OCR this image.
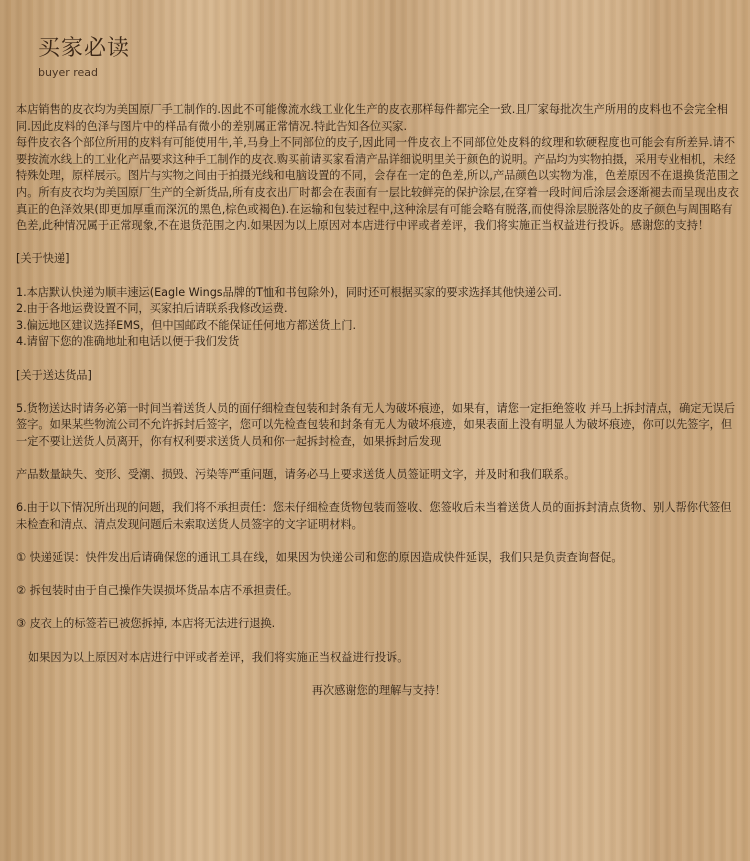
买家必读
buyer read

本店销售的皮衣均为美国原厂手工制作的.因此不可能像流水线工业化生产的皮衣那样每件都完全一致.且厂家每批次生产所用的皮料也不会完全相同.因此皮料的色泽与图片中的样品有微小的差别属正常情况.特此告知各位买家.

每件皮衣各个部位所用的皮料有可能使用牛,羊,马身上不同部位的皮子,因此同一件皮衣上不同部位处皮料的纹理和软硬程度也可能会有所差异.请不要按流水线上的工业化产品要求这种手工制作的皮衣.购买前请买家看清产品详细说明里关于颜色的说明。产品均为实物拍摄，采用专业相机，未经特殊处理，原样展示。图片与实物之间由于拍摄光线和电脑设置的不同，会存在一定的色差,所以,产品颜色以实物为准，色差原因不在退换货范围之内。所有皮衣均为美国原厂生产的全新货品,所有皮衣出厂时都会在表面有一层比较鲜亮的保护涂层,在穿着一段时间后涂层会逐渐褪去而呈现出皮衣真正的色泽效果(即更加厚重而深沉的黑色,棕色或褐色).在运输和包装过程中,这种涂层有可能会略有脱落,而使得涂层脱落处的皮子颜色与周围略有色差,此种情况属于正常现象,不在退货范围之内.如果因为以上原因对本店进行中评或者差评，我们将实施正当权益进行投诉。感谢您的支持！

[关于快递]

1.本店默认快递为顺丰速运(Eagle Wings品牌的T恤和书包除外)，同时还可根据买家的要求选择其他快递公司.

2.由于各地运费设置不同，买家拍后请联系我修改运费.

3.偏远地区建议选择EMS，但中国邮政不能保证任何地方都送货上门.

4.请留下您的准确地址和电话以便于我们发货

[关于送达货品]

5.货物送达时请务必第一时间当着送货人员的面仔细检查包装和封条有无人为破坏痕迹，如果有，请您一定拒绝签收 并马上拆封清点，确定无误后签字。如果某些物流公司不允许拆封后签字，您可以先检查包装和封条有无人为破坏痕迹，如果表面上没有明显人为破坏痕迹，你可以先签字，但一定不要让送货人员离开，你有权利要求送货人员和你一起拆封检查，如果拆封后发现

产品数量缺失、变形、受潮、损毁、污染等严重问题，请务必马上要求送货人员签证明文字，并及时和我们联系。

6.由于以下情况所出现的问题，我们将不承担责任：您未仔细检查货物包装而签收、您签收后未当着送货人员的面拆封清点货物、别人帮你代签但未检查和清点、清点发现问题后未索取送货人员签字的文字证明材料。

① 快递延误：快件发出后请确保您的通讯工具在线，如果因为快递公司和您的原因造成快件延误，我们只是负责查询督促。

② 拆包装时由于自己操作失误损坏货品本店不承担责任。

③ 皮衣上的标签若已被您拆掉, 本店将无法进行退换.

如果因为以上原因对本店进行中评或者差评，我们将实施正当权益进行投诉。

再次感谢您的理解与支持！
